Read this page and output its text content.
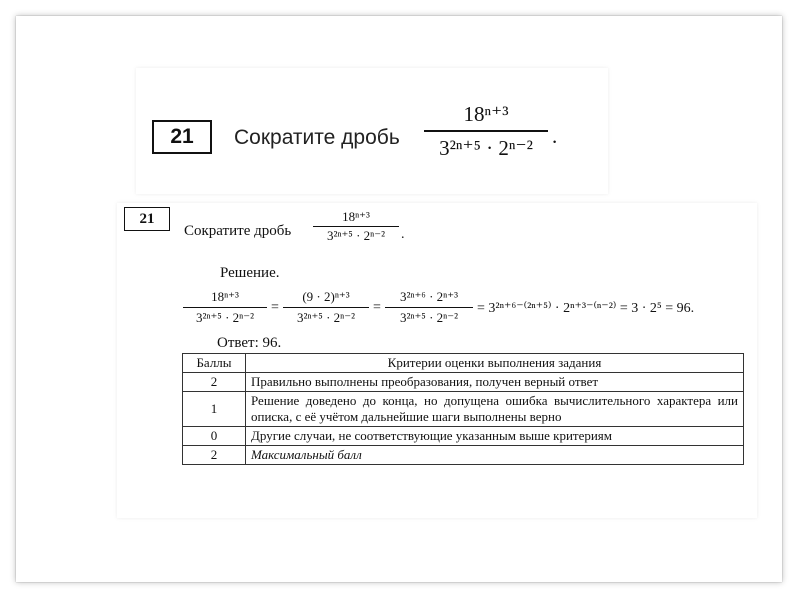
21	Сократите дробь
18ⁿ⁺³
3²ⁿ⁺⁵ · 2ⁿ⁻² .
21
Сократите дробь
18ⁿ⁺³
3²ⁿ⁺⁵ · 2ⁿ⁻²	.
Решение.
18ⁿ⁺³
3²ⁿ⁺⁵ · 2ⁿ⁻²
=
(9 · 2)ⁿ⁺³
3²ⁿ⁺⁵ · 2ⁿ⁻²
=
3²ⁿ⁺⁶ · 2ⁿ⁺³
3²ⁿ⁺⁵ · 2ⁿ⁻²
= 3²ⁿ⁺⁶⁻⁽²ⁿ⁺⁵⁾ · 2ⁿ⁺³⁻⁽ⁿ⁻²⁾ = 3 · 2⁵ = 96.
Ответ: 96.
Баллы	Критерии оценки выполнения задания
2	Правильно выполнены преобразования, получен верный ответ
1	Решение доведено до конца, но допущена ошибка вычислительного характера или описка, с её учётом дальнейшие шаги выполнены верно
0	Другие случаи, не соответствующие указанным выше критериям
2	Максимальный балл
